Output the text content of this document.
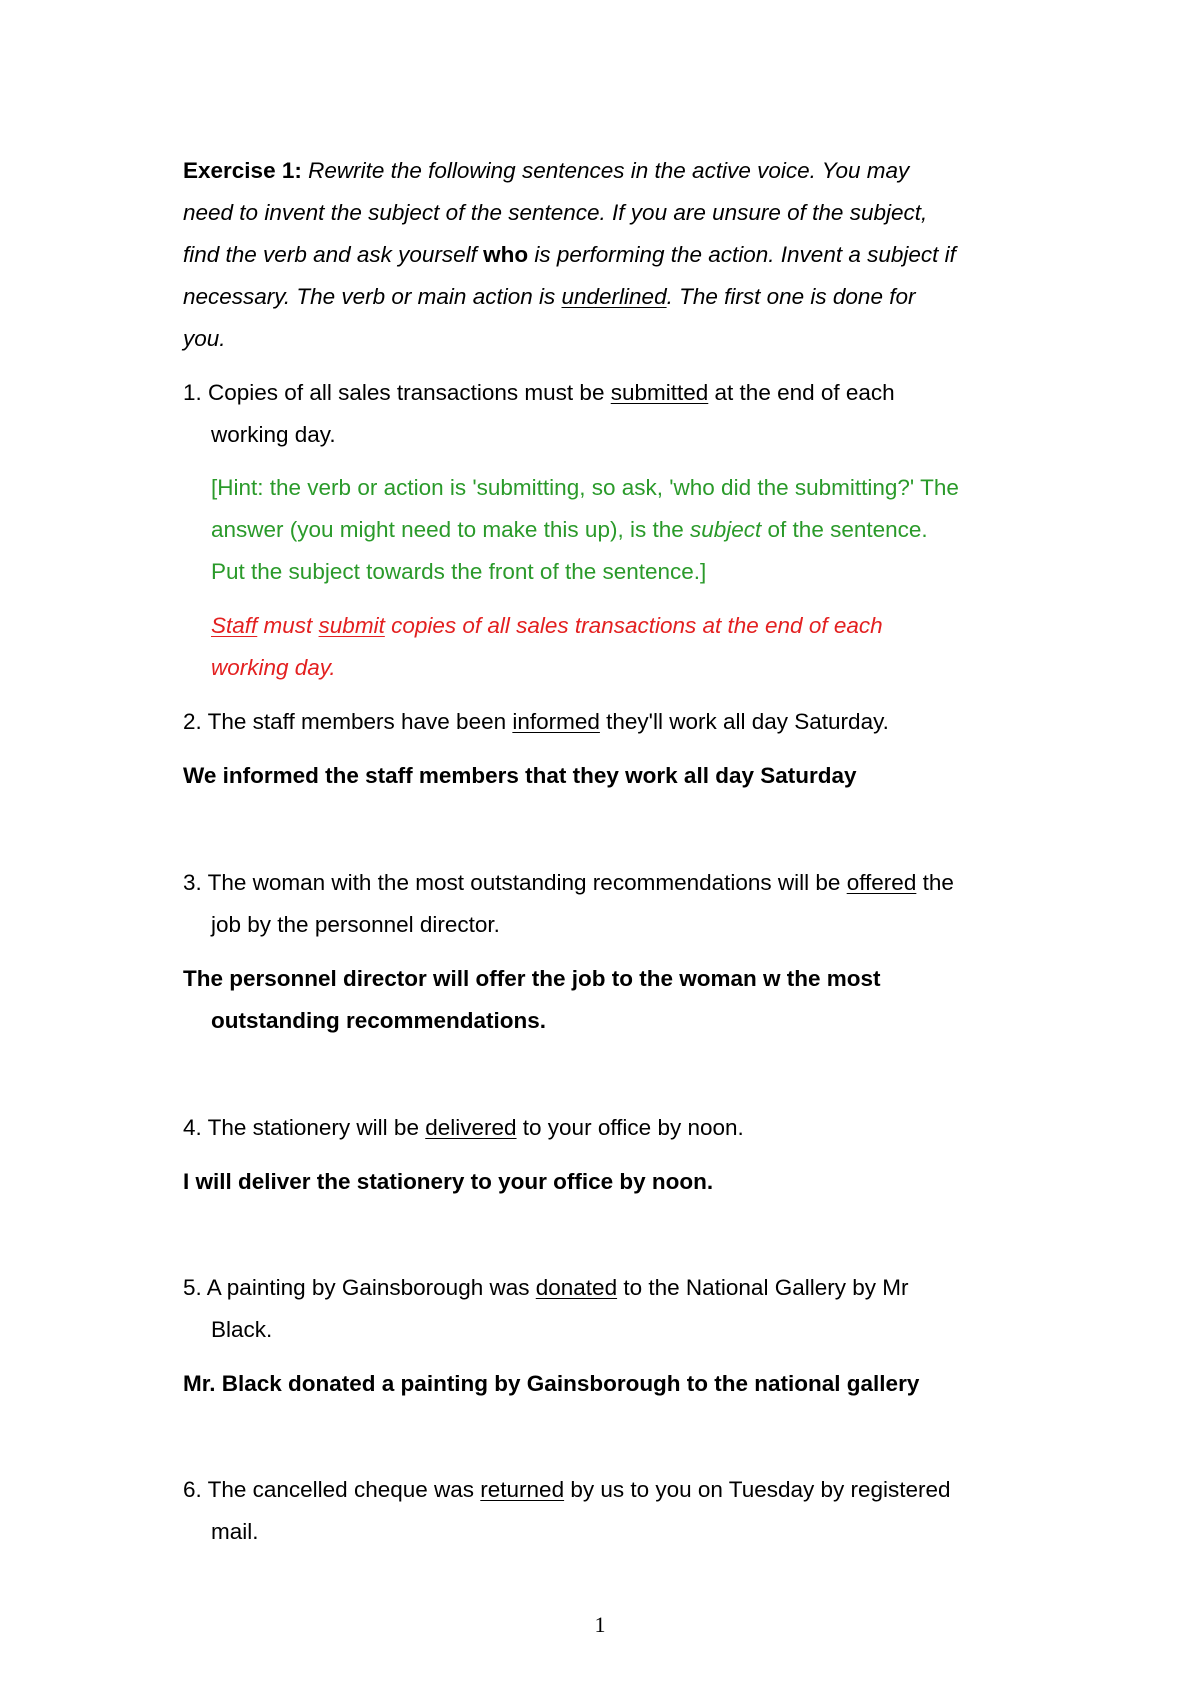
Exercise 1: Rewrite the following sentences in the active voice. You may
need to invent the subject of the sentence. If you are unsure of the subject,
find the verb and ask yourself who is performing the action. Invent a subject if
necessary. The verb or main action is underlined. The first one is done for
you.
1. Copies of all sales transactions must be submitted at the end of each
working day.
[Hint: the verb or action is 'submitting, so ask, 'who did the submitting?' The
answer (you might need to make this up), is the subject of the sentence.
Put the subject towards the front of the sentence.]
Staff must submit copies of all sales transactions at the end of each
working day.
2. The staff members have been informed they'll work all day Saturday.
We informed the staff members that they work all day Saturday
3. The woman with the most outstanding recommendations will be offered the
job by the personnel director.
The personnel director will offer the job to the woman w the most
outstanding recommendations.
4. The stationery will be delivered to your office by noon.
I will deliver the stationery to your office by noon.
5. A painting by Gainsborough was donated to the National Gallery by Mr
Black.
Mr. Black donated a painting by Gainsborough to the national gallery
6. The cancelled cheque was returned by us to you on Tuesday by registered
mail.
1
